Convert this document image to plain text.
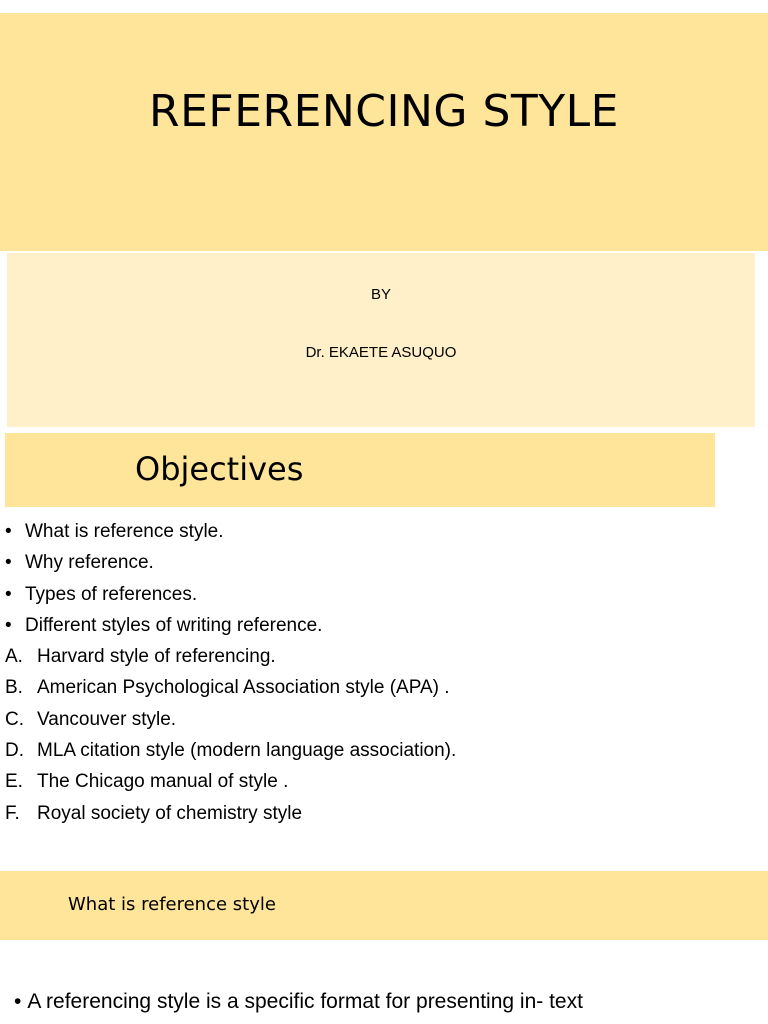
REFERENCING STYLE
BY
Dr. EKAETE ASUQUO
Objectives
• What is reference style.
• Why reference.
• Types of references.
• Different styles of writing reference.
A. Harvard style of referencing.
B. American Psychological Association style (APA) .
C. Vancouver style.
D. MLA citation style (modern language association).
E. The Chicago manual of style .
F. Royal society of chemistry style
What is reference style
• A referencing style is a specific format for presenting in- text
